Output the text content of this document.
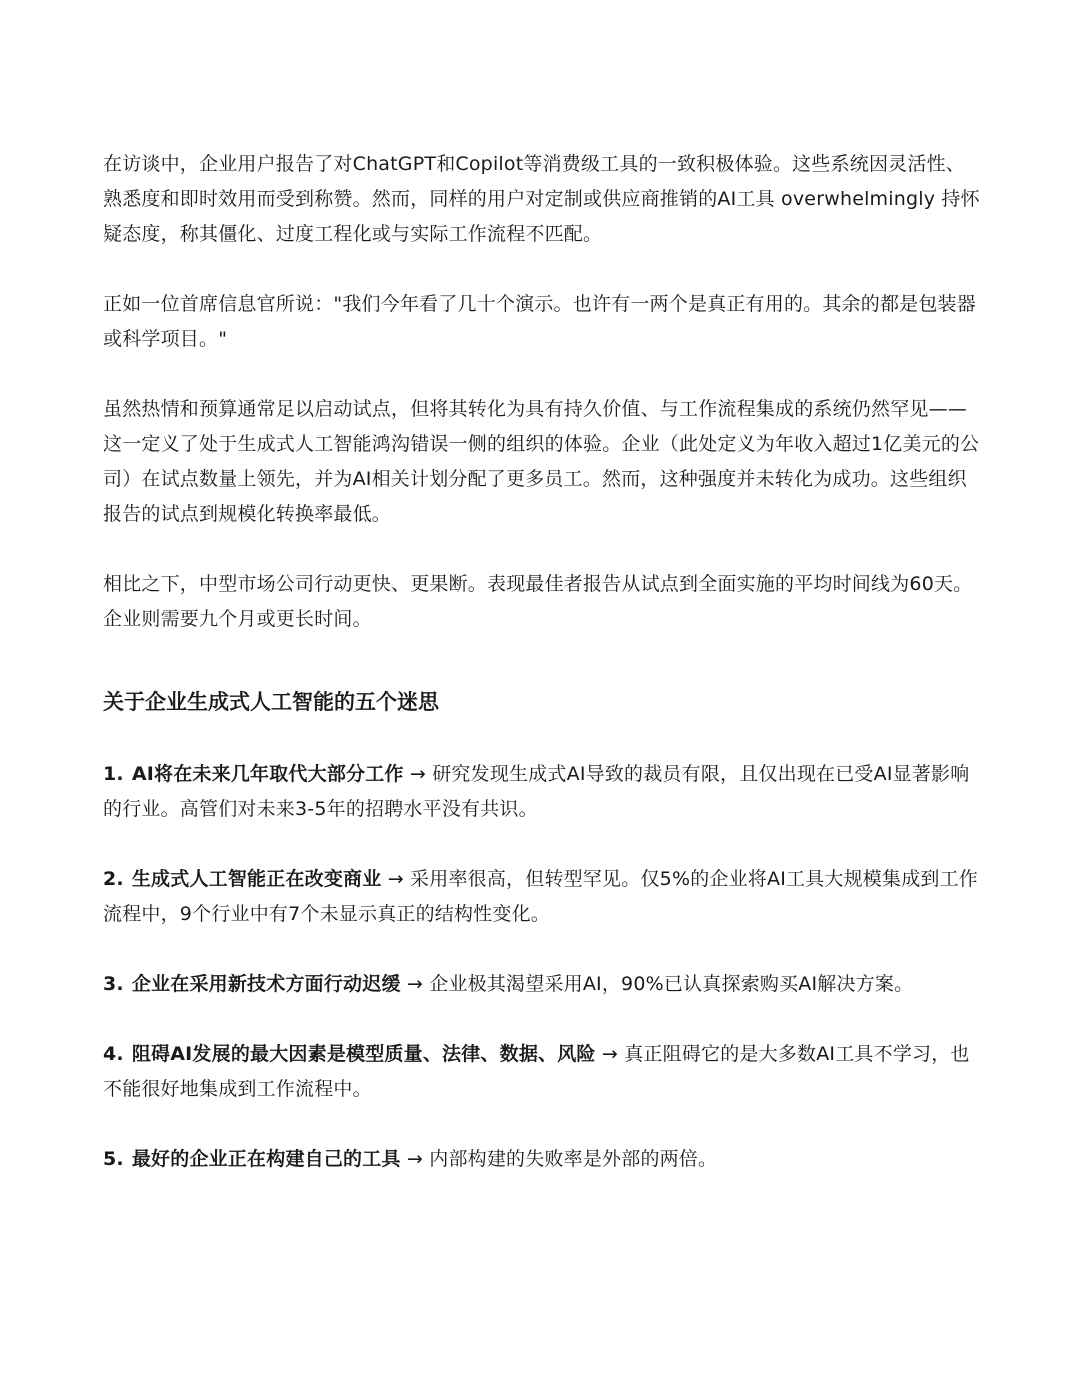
在访谈中，企业用户报告了对ChatGPT和Copilot等消费级工具的一致积极体验。这些系统因灵活性、熟悉度和即时效用而受到称赞。然而，同样的用户对定制或供应商推销的AI工具 overwhelmingly 持怀疑态度，称其僵化、过度工程化或与实际工作流程不匹配。

正如一位首席信息官所说："我们今年看了几十个演示。也许有一两个是真正有用的。其余的都是包装器或科学项目。"

虽然热情和预算通常足以启动试点，但将其转化为具有持久价值、与工作流程集成的系统仍然罕见——这一定义了处于生成式人工智能鸿沟错误一侧的组织的体验。企业（此处定义为年收入超过1亿美元的公司）在试点数量上领先，并为AI相关计划分配了更多员工。然而，这种强度并未转化为成功。这些组织报告的试点到规模化转换率最低。

相比之下，中型市场公司行动更快、更果断。表现最佳者报告从试点到全面实施的平均时间线为60天。企业则需要九个月或更长时间。

关于企业生成式人工智能的五个迷思

1. AI将在未来几年取代大部分工作 → 研究发现生成式AI导致的裁员有限，且仅出现在已受AI显著影响的行业。高管们对未来3-5年的招聘水平没有共识。

2. 生成式人工智能正在改变商业 → 采用率很高，但转型罕见。仅5%的企业将AI工具大规模集成到工作流程中，9个行业中有7个未显示真正的结构性变化。

3. 企业在采用新技术方面行动迟缓 → 企业极其渴望采用AI，90%已认真探索购买AI解决方案。

4. 阻碍AI发展的最大因素是模型质量、法律、数据、风险 → 真正阻碍它的是大多数AI工具不学习，也不能很好地集成到工作流程中。

5. 最好的企业正在构建自己的工具 → 内部构建的失败率是外部的两倍。
